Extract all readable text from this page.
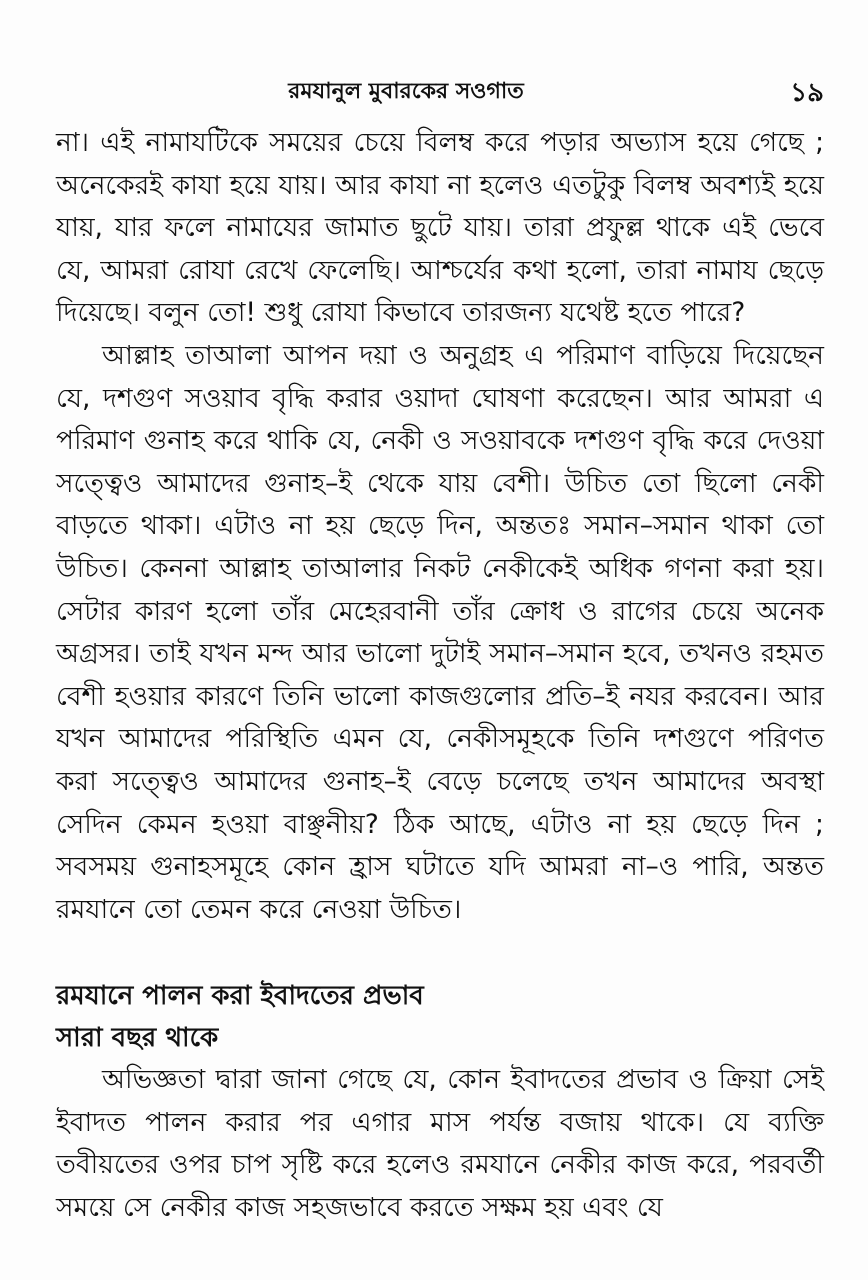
রমযানুল মুবারকের সওগাত	১৯

না। এই নামাযটিকে সময়ের চেয়ে বিলম্ব করে পড়ার অভ্যাস হয়ে গেছে ; অনেকেরই কাযা হয়ে যায়। আর কাযা না হলেও এতটুকু বিলম্ব অবশ্যই হয়ে যায়, যার ফলে নামাযের জামাত ছুটে যায়। তারা প্রফুল্ল থাকে এই ভেবে যে, আমরা রোযা রেখে ফেলেছি। আশ্চর্যের কথা হলো, তারা নামায ছেড়ে দিয়েছে। বলুন তো! শুধু রোযা কিভাবে তারজন্য যথেষ্ট হতে পারে?

আল্লাহ তাআলা আপন দয়া ও অনুগ্রহ এ পরিমাণ বাড়িয়ে দিয়েছেন যে, দশগুণ সওয়াব বৃদ্ধি করার ওয়াদা ঘোষণা করেছেন। আর আমরা এ পরিমাণ গুনাহ করে থাকি যে, নেকী ও সওয়াবকে দশগুণ বৃদ্ধি করে দেওয়া সত্ত্বেও আমাদের গুনাহ–ই থেকে যায় বেশী। উচিত তো ছিলো নেকী বাড়তে থাকা। এটাও না হয় ছেড়ে দিন, অন্ততঃ সমান–সমান থাকা তো উচিত। কেননা আল্লাহ তাআলার নিকট নেকীকেই অধিক গণনা করা হয়। সেটার কারণ হলো তাঁর মেহেরবানী তাঁর ক্রোধ ও রাগের চেয়ে অনেক অগ্রসর। তাই যখন মন্দ আর ভালো দুটাই সমান–সমান হবে, তখনও রহমত বেশী হওয়ার কারণে তিনি ভালো কাজগুলোর প্রতি–ই নযর করবেন। আর যখন আমাদের পরিস্থিতি এমন যে, নেকীসমূহকে তিনি দশগুণে পরিণত করা সত্ত্বেও আমাদের গুনাহ–ই বেড়ে চলেছে তখন আমাদের অবস্থা সেদিন কেমন হওয়া বাঞ্ছনীয়? ঠিক আছে, এটাও না হয় ছেড়ে দিন ; সবসময় গুনাহসমূহে কোন হ্রাস ঘটাতে যদি আমরা না–ও পারি, অন্তত রমযানে তো তেমন করে নেওয়া উচিত।

রমযানে পালন করা ইবাদতের প্রভাব

সারা বছর থাকে

অভিজ্ঞতা দ্বারা জানা গেছে যে, কোন ইবাদতের প্রভাব ও ক্রিয়া সেই ইবাদত পালন করার পর এগার মাস পর্যন্ত বজায় থাকে। যে ব্যক্তি তবীয়তের ওপর চাপ সৃষ্টি করে হলেও রমযানে নেকীর কাজ করে, পরবর্তী সময়ে সে নেকীর কাজ সহজভাবে করতে সক্ষম হয় এবং যে
